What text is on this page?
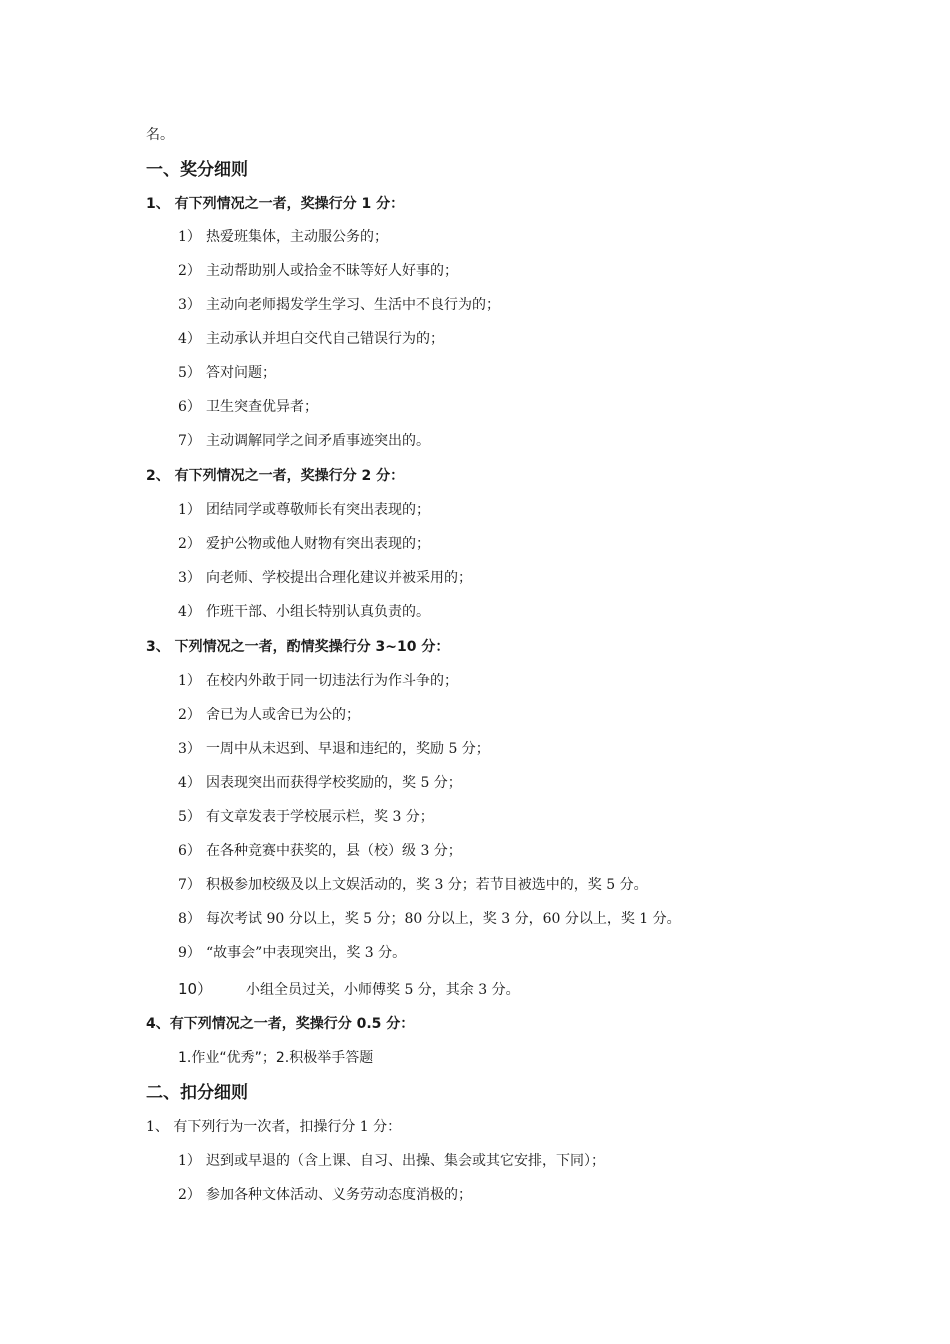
名。
一、奖分细则
1、 有下列情况之一者，奖操行分 1 分：
1） 热爱班集体，主动服公务的；
2） 主动帮助别人或拾金不昧等好人好事的；
3） 主动向老师揭发学生学习、生活中不良行为的；
4） 主动承认并坦白交代自己错误行为的；
5） 答对问题；
6） 卫生突查优异者；
7） 主动调解同学之间矛盾事迹突出的。
2、 有下列情况之一者，奖操行分 2 分：
1） 团结同学或尊敬师长有突出表现的；
2） 爱护公物或他人财物有突出表现的；
3） 向老师、学校提出合理化建议并被采用的；
4） 作班干部、小组长特别认真负责的。
3、 下列情况之一者，酌情奖操行分 3~10 分：
1） 在校内外敢于同一切违法行为作斗争的；
2） 舍已为人或舍已为公的；
3） 一周中从未迟到、早退和违纪的，奖励 5 分；
4） 因表现突出而获得学校奖励的，奖 5 分；
5） 有文章发表于学校展示栏，奖 3 分；
6） 在各种竞赛中获奖的，县（校）级 3 分；
7） 积极参加校级及以上文娱活动的，奖 3 分；若节目被选中的，奖 5 分。
8） 每次考试 90 分以上，奖 5 分；80 分以上，奖 3 分，60 分以上，奖 1 分。
9） “故事会”中表现突出，奖 3 分。
10） 小组全员过关，小师傅奖 5 分，其余 3 分。
4、有下列情况之一者，奖操行分 0.5 分：
1.作业“优秀”；2.积极举手答题
二、扣分细则
1、 有下列行为一次者，扣操行分 1 分：
1） 迟到或早退的（含上课、自习、出操、集会或其它安排，下同）；
2） 参加各种文体活动、义务劳动态度消极的；
